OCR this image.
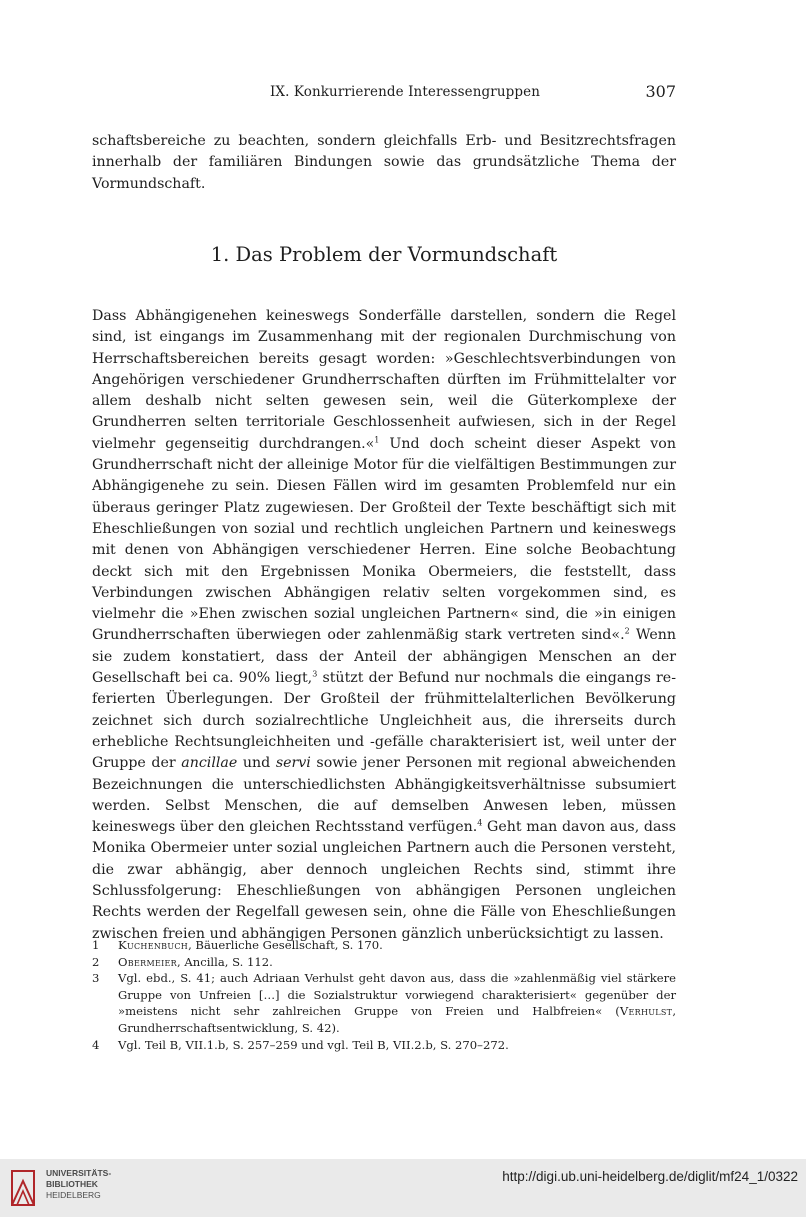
IX. Konkurrierende Interessengruppen	307

schaftsbereiche zu beachten, sondern gleichfalls Erb- und Besitzrechtsfragen innerhalb der familiären Bindungen sowie das grundsätzliche Thema der Vormundschaft.

1. Das Problem der Vormundschaft

Dass Abhängigenehen keineswegs Sonderfälle darstellen, sondern die Regel sind, ist eingangs im Zusammenhang mit der regionalen Durchmischung von Herrschaftsbereichen bereits gesagt worden: »Geschlechtsverbindungen von Angehörigen verschiedener Grundherrschaften dürften im Frühmittelalter vor allem deshalb nicht selten gewesen sein, weil die Güterkomplexe der Grundherren selten territoriale Geschlossenheit aufwiesen, sich in der Regel vielmehr gegenseitig durchdrangen.«$^1$ Und doch scheint dieser Aspekt von Grundherrschaft nicht der alleinige Motor für die vielfältigen Bestimmungen zur Abhängigenehe zu sein. Diesen Fällen wird im gesamten Problemfeld nur ein überaus geringer Platz zugewiesen. Der Großteil der Texte beschäftigt sich mit Eheschließungen von sozial und rechtlich ungleichen Partnern und keineswegs mit denen von Abhängigen verschiedener Herren. Eine solche Beobachtung deckt sich mit den Ergebnissen Monika Obermeiers, die feststellt, dass Verbindungen zwischen Abhängigen relativ selten vorgekommen sind, es vielmehr die »Ehen zwischen sozial ungleichen Partnern« sind, die »in einigen Grundherrschaften überwiegen oder zahlenmäßig stark vertreten sind«.$^2$ Wenn sie zudem konstatiert, dass der Anteil der abhängigen Menschen an der Gesellschaft bei ca. 90% liegt,$^3$ stützt der Befund nur nochmals die eingangs referierten Überlegungen. Der Großteil der frühmittelalterlichen Bevölkerung zeichnet sich durch sozialrechtliche Ungleichheit aus, die ihrerseits durch erhebliche Rechtsungleichheiten und -gefälle charakterisiert ist, weil unter der Gruppe der ancillae und servi sowie jener Personen mit regional abweichenden Bezeichnungen die unterschiedlichsten Abhängigkeitsverhältnisse subsumiert werden. Selbst Menschen, die auf demselben Anwesen leben, müssen keineswegs über den gleichen Rechtsstand verfügen.$^4$ Geht man davon aus, dass Monika Obermeier unter sozial ungleichen Partnern auch die Personen versteht, die zwar abhängig, aber dennoch ungleichen Rechts sind, stimmt ihre Schlussfolgerung: Eheschließungen von abhängigen Personen ungleichen Rechts werden der Regelfall gewesen sein, ohne die Fälle von Eheschließungen zwischen freien und abhängigen Personen gänzlich unberücksichtigt zu lassen.

1 Kuchenbuch, Bäuerliche Gesellschaft, S. 170.
2 Obermeier, Ancilla, S. 112.
3 Vgl. ebd., S. 41; auch Adriaan Verhulst geht davon aus, dass die »zahlenmäßig viel stärkere Gruppe von Unfreien […] die Sozialstruktur vorwiegend charakterisiert« gegenüber der »meistens nicht sehr zahlreichen Gruppe von Freien und Halbfreien« (Verhulst, Grundherrschaftsentwicklung, S. 42).
4 Vgl. Teil B, VII.1.b, S. 257–259 und vgl. Teil B, VII.2.b, S. 270–272.
UNIVERSITÄTS-
BIBLIOTHEK
HEIDELBERG
http://digi.ub.uni-heidelberg.de/diglit/mf24_1/0322
